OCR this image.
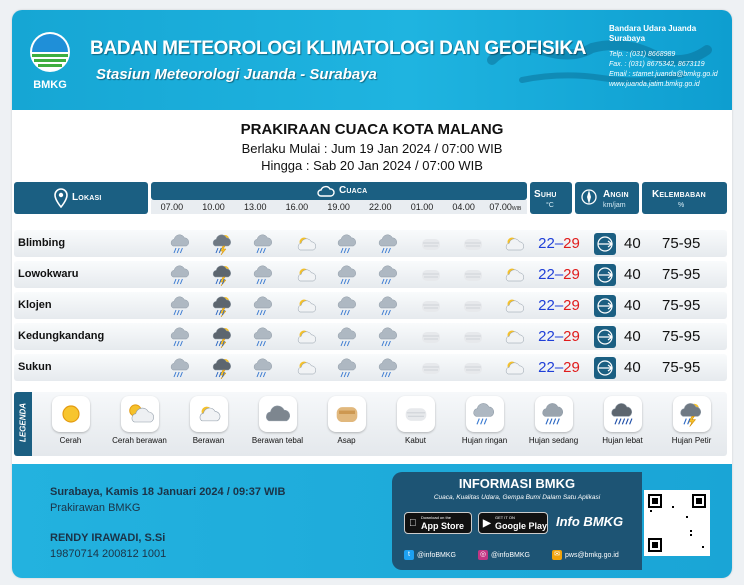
BMKG
BADAN METEOROLOGI KLIMATOLOGI DAN GEOFISIKA
Stasiun Meteorologi Juanda - Surabaya
Bandara Udara Juanda Surabaya
Telp. : (031) 8668989
Fax. : (031) 8675342, 8673119
Email : stamet.juanda@bmkg.go.id
www.juanda.jatim.bmkg.go.id
PRAKIRAAN CUACA KOTA MALANG
Berlaku Mulai : Jum 19 Jan 2024 / 07:00 WIB
Hingga : Sab 20 Jan 2024 / 07:00 WIB
Lokasi
Cuaca
07.00	10.00	13.00	16.00	19.00	22.00	01.00	04.00	07.00WIB
Suhu
°C
Angin
km/jam
Kelembaban
%
Blimbing	22–29	40 75-95
Lowokwaru	22–29	40 75-95
Klojen	22–29	40 75-95
Kedungkandang	22–29	40 75-95
Sukun	22–29	40 75-95
LEGENDA	Cerah	Cerah berawan	Berawan	Berawan tebal	Asap	Kabut	Hujan ringan	Hujan sedang	Hujan lebat	Hujan Petir
Surabaya, Kamis 18 Januari 2024 / 09:37 WIB
Prakirawan BMKG
RENDY IRAWADI, S.Si
19870714 200812 1001
INFORMASI BMKG
Cuaca, Kualitas Udara, Gempa Bumi Dalam Satu Aplikasi
Download on the
App Store ▶
GET IT ON
Google Play Info BMKG
t	@infoBMKG	◎ @infoBMKG	✉ pws@bmkg.go.id
